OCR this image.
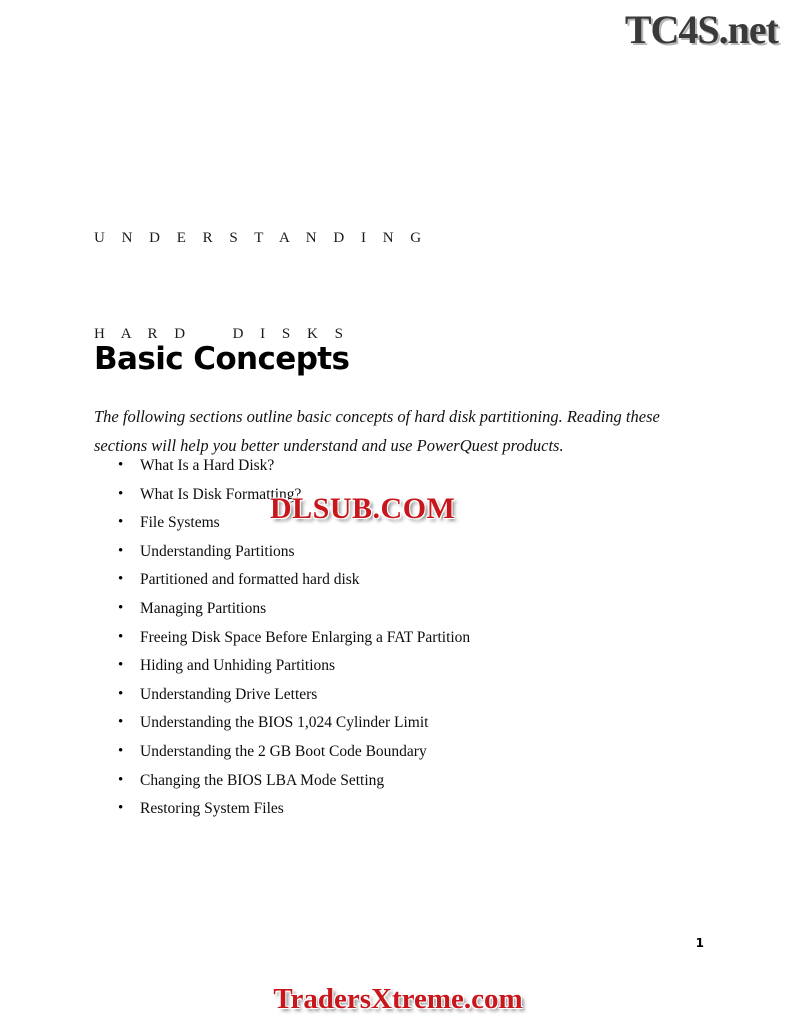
TC4S.net

U N D E R S T A N D I N G

H A R D    D I S K S

Basic Concepts

The following sections outline basic concepts of hard disk partitioning. Reading these sections will help you better understand and use PowerQuest products.

• What Is a Hard Disk?
• What Is Disk Formatting?
• File Systems
• Understanding Partitions
• Partitioned and formatted hard disk
• Managing Partitions
• Freeing Disk Space Before Enlarging a FAT Partition
• Hiding and Unhiding Partitions
• Understanding Drive Letters
• Understanding the BIOS 1,024 Cylinder Limit
• Understanding the 2 GB Boot Code Boundary
• Changing the BIOS LBA Mode Setting
• Restoring System Files
DLSUB.COM
1
TradersXtreme.com
